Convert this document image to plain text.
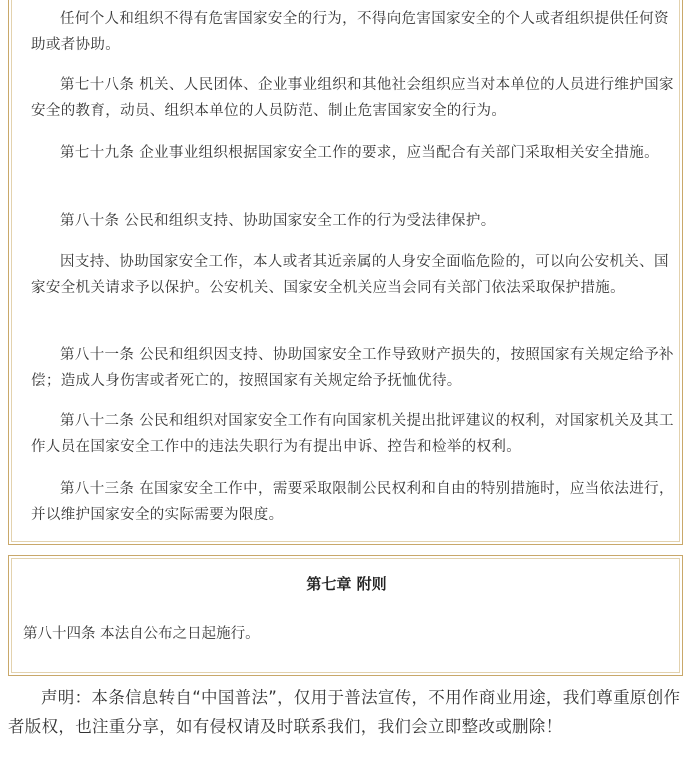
任何个人和组织不得有危害国家安全的行为，不得向危害国家安全的个人或者组织提供任何资助或者协助。

第七十八条 机关、人民团体、企业事业组织和其他社会组织应当对本单位的人员进行维护国家安全的教育，动员、组织本单位的人员防范、制止危害国家安全的行为。

第七十九条 企业事业组织根据国家安全工作的要求，应当配合有关部门采取相关安全措施。

第八十条 公民和组织支持、协助国家安全工作的行为受法律保护。

因支持、协助国家安全工作，本人或者其近亲属的人身安全面临危险的，可以向公安机关、国家安全机关请求予以保护。公安机关、国家安全机关应当会同有关部门依法采取保护措施。

第八十一条 公民和组织因支持、协助国家安全工作导致财产损失的，按照国家有关规定给予补偿；造成人身伤害或者死亡的，按照国家有关规定给予抚恤优待。

第八十二条 公民和组织对国家安全工作有向国家机关提出批评建议的权利，对国家机关及其工作人员在国家安全工作中的违法失职行为有提出申诉、控告和检举的权利。

第八十三条 在国家安全工作中，需要采取限制公民权利和自由的特别措施时，应当依法进行，并以维护国家安全的实际需要为限度。

第七章 附则

第八十四条 本法自公布之日起施行。

声明：本条信息转自“中国普法”，仅用于普法宣传，不用作商业用途，我们尊重原创作者版权，也注重分享，如有侵权请及时联系我们，我们会立即整改或删除！
